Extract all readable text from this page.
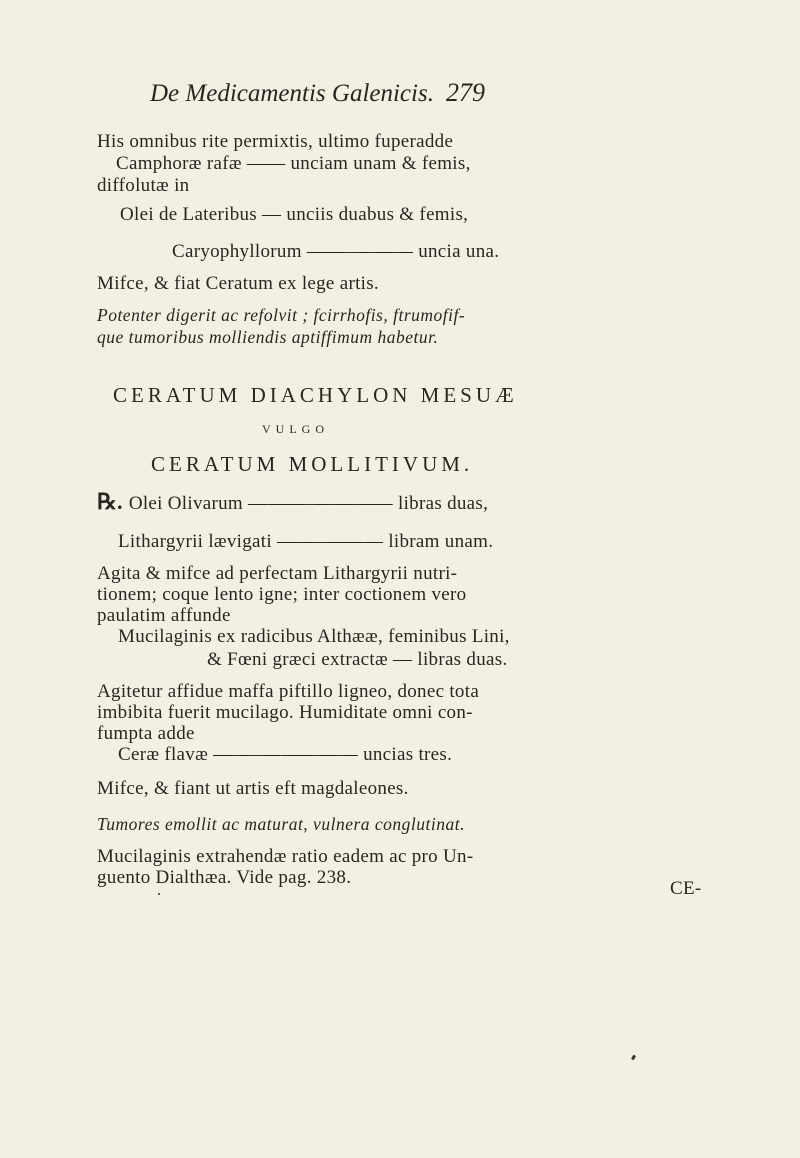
De Medicamentis Galenicis. 279
His omnibus rite permixtis, ultimo fuperadde
Camphoræ rafæ —— unciam unam & femis,
diffolutæ in
Olei de Lateribus — unciis duabus & femis,
Caryophyllorum ——–——— uncia una.
Mifce, & fiat Ceratum ex lege artis.
Potenter digerit ac refolvit ; fcirrhofis, ftrumofif-
que tumoribus molliendis aptiffimum habetur.
CERATUM DIACHYLON MESUÆ
VULGO
CERATUM MOLLITIVUM.
℞. Olei Olivarum ———–———— libras duas,
Lithargyrii lævigati ——–——— libram unam.
Agita & mifce ad perfectam Lithargyrii nutri-
tionem; coque lento igne; inter coctionem vero
paulatim affunde
Mucilaginis ex radicibus Althææ, feminibus Lini,
& Fœni græci extractæ — libras duas.
Agitetur affidue maffa piftillo ligneo, donec tota
imbibita fuerit mucilago. Humiditate omni con-
fumpta adde
Ceræ flavæ ——–————— uncias tres.
Mifce, & fiant ut artis eft magdaleones.
Tumores emollit ac maturat, vulnera conglutinat.
Mucilaginis extrahendæ ratio eadem ac pro Un-
guento Dialthæa. Vide pag. 238.
CE-
